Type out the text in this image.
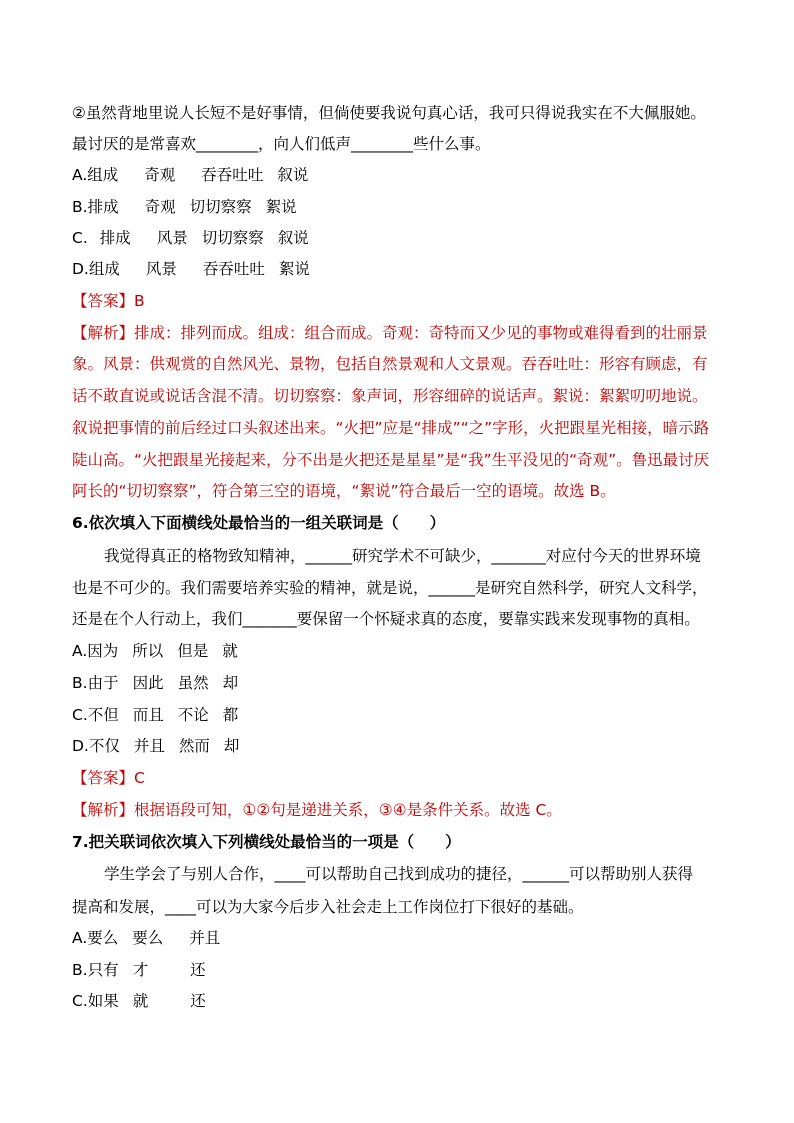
②虽然背地里说人长短不是好事情，但倘使要我说句真心话，我可只得说我实在不大佩服她。
最讨厌的是常喜欢________，向人们低声________些什么事。
A.组成 奇观 吞吞吐吐 叙说
B.排成 奇观 切切察察 絮说
C. 排成 风景 切切察察 叙说
D.组成 风景 吞吞吐吐 絮说
【答案】B
【解析】排成：排列而成。组成：组合而成。奇观：奇特而又少见的事物或难得看到的壮丽景
象。风景：供观赏的自然风光、景物，包括自然景观和人文景观。吞吞吐吐：形容有顾虑，有
话不敢直说或说话含混不清。切切察察：象声词，形容细碎的说话声。絮说：絮絮叨叨地说。
叙说把事情的前后经过口头叙述出来。“火把”应是“排成”“之”字形，火把跟星光相接，暗示路
陡山高。“火把跟星光接起来，分不出是火把还是星星”是“我”生平没见的“奇观”。鲁迅最讨厌
阿长的“切切察察”，符合第三空的语境，“絮说”符合最后一空的语境。故选 B。
6.依次填入下面横线处最恰当的一组关联词是（　　）
我觉得真正的格物致知精神，______研究学术不可缺少，_______对应付今天的世界环境
也是不可少的。我们需要培养实验的精神，就是说，______是研究自然科学，研究人文科学，
还是在个人行动上，我们_______要保留一个怀疑求真的态度，要靠实践来发现事物的真相。
A.因为 所以 但是 就
B.由于 因此 虽然 却
C.不但 而且 不论 都
D.不仅 并且 然而 却
【答案】C
【解析】根据语段可知，①②句是递进关系，③④是条件关系。故选 C。
7.把关联词依次填入下列横线处最恰当的一项是（　　）
学生学会了与别人合作，____可以帮助自己找到成功的捷径，______可以帮助别人获得
提高和发展，____可以为大家今后步入社会走上工作岗位打下很好的基础。
A.要么 要么 并且
B.只有 才	还
C.如果 就	还
